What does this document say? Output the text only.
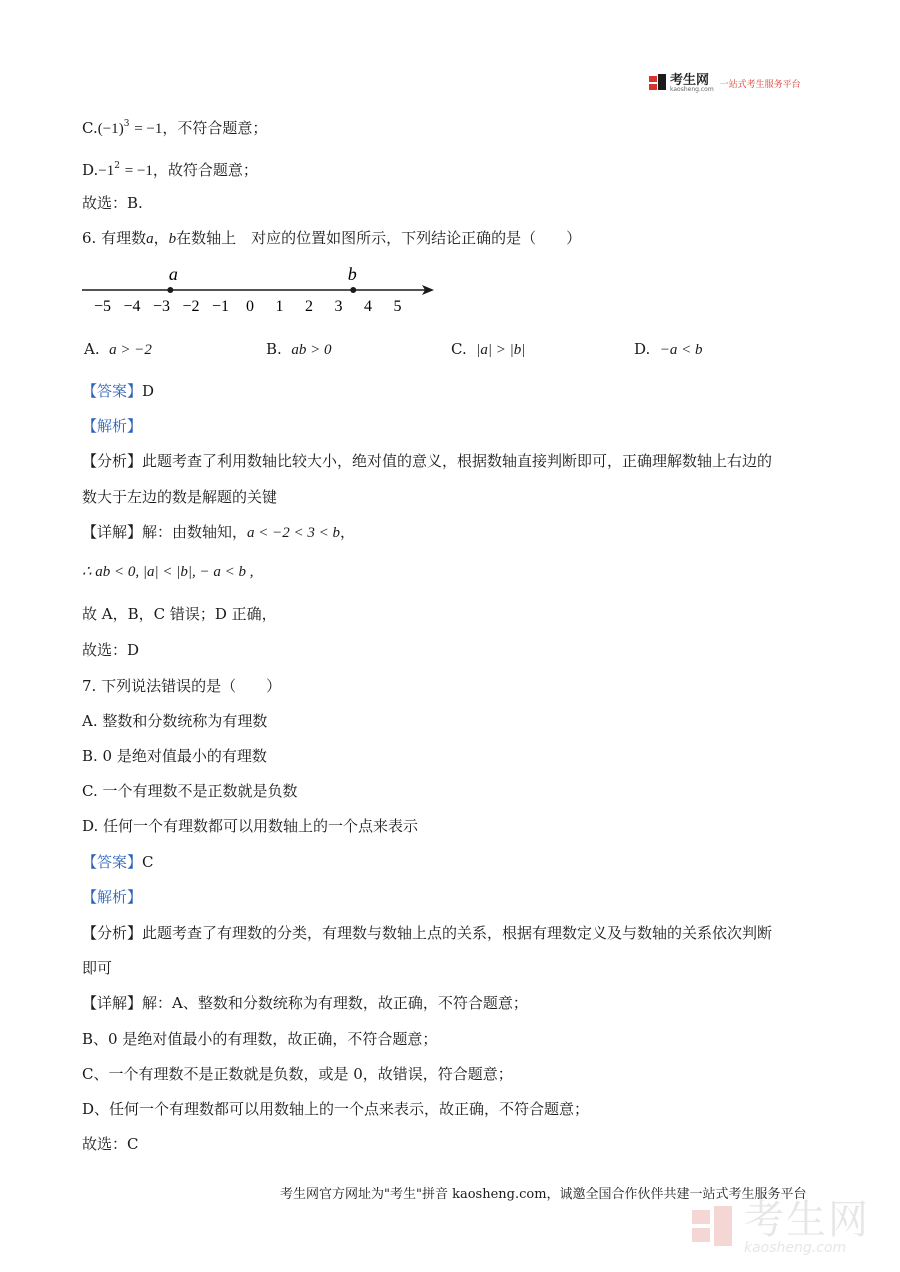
考生网
kaosheng.com 一站式考生服务平台
$C.(-1)^3 = -1$，不符合题意；
$D.-1^2 = -1$，故符合题意；
故选：B.
6. 有理数a，b在数轴上　对应的位置如图所示，下列结论正确的是（　　）
−5 −4 −3 −2 −1 0 1 2 3 4 5
a	b
A. a > −2	B. ab > 0	C. |a| > |b|	D. −a < b
【答案】D
【解析】
【分析】此题考查了利用数轴比较大小，绝对值的意义，根据数轴直接判断即可，正确理解数轴上右边的
数大于左边的数是解题的关键
【详解】解：由数轴知，a < −2 < 3 < b，
∴ ab < 0, |a| < |b|, − a < b ,
故 A，B，C 错误；D 正确，
故选：D
7. 下列说法错误的是（　　）
A. 整数和分数统称为有理数
B. 0 是绝对值最小的有理数
C. 一个有理数不是正数就是负数
D. 任何一个有理数都可以用数轴上的一个点来表示
【答案】C
【解析】
【分析】此题考查了有理数的分类，有理数与数轴上点的关系，根据有理数定义及与数轴的关系依次判断
即可
【详解】解：A、整数和分数统称为有理数，故正确，不符合题意；
B、0 是绝对值最小的有理数，故正确，不符合题意；
C、一个有理数不是正数就是负数，或是 0，故错误，符合题意；
D、任何一个有理数都可以用数轴上的一个点来表示，故正确，不符合题意；
故选：C
考生网官方网址为"考生"拼音 kaosheng.com，诚邀全国合作伙伴共建一站式考生服务平台
考生网
kaosheng.com
